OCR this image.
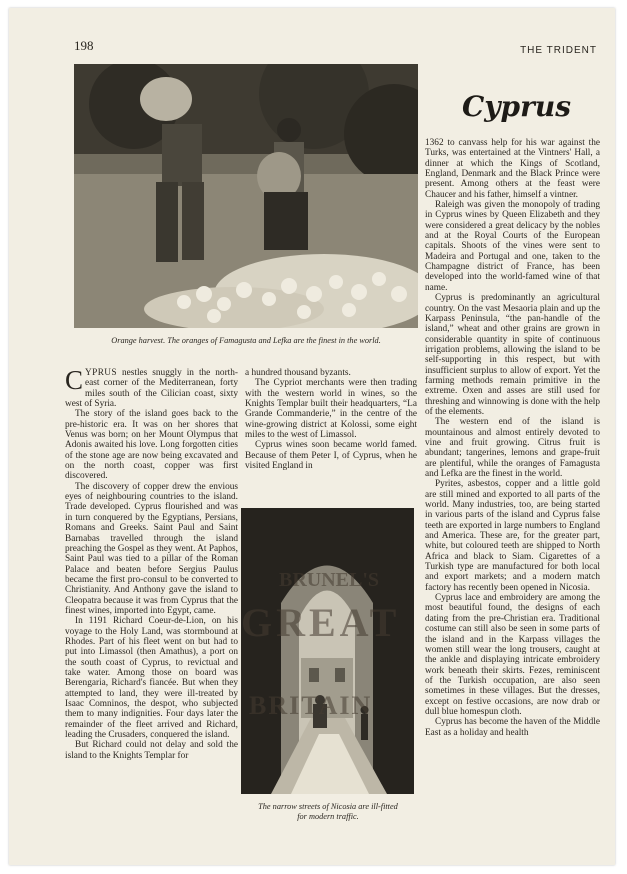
198	THE TRIDENT
Cyprus
Orange harvest. The oranges of Famagusta and Lefka are the finest in the world.

CYPRUS nestles snuggly in the north-east corner of the Mediterranean, forty miles south of the Cilician coast, sixty west of Syria.

The story of the island goes back to the pre-historic era. It was on her shores that Venus was born; on her Mount Olympus that Adonis awaited his love. Long forgotten cities of the stone age are now being excavated and on the north coast, copper was first discovered.

The discovery of copper drew the envious eyes of neighbouring countries to the island. Trade developed. Cyprus flourished and was in turn conquered by the Egyptians, Persians, Romans and Greeks. Saint Paul and Saint Barnabas travelled through the island preaching the Gospel as they went. At Paphos, Saint Paul was tied to a pillar of the Roman Palace and beaten before Sergius Paulus became the first pro-consul to be converted to Christianity. And Anthony gave the island to Cleopatra because it was from Cyprus that the finest wines, imported into Egypt, came.

In 1191 Richard Coeur-de-Lion, on his voyage to the Holy Land, was stormbound at Rhodes. Part of his fleet went on but had to put into Limassol (then Amathus), a port on the south coast of Cyprus, to revictual and take water. Among those on board was Berengaria, Richard's fiancée. But when they attempted to land, they were ill-treated by Isaac Comninos, the despot, who subjected them to many indignities. Four days later the remainder of the fleet arrived and Richard, leading the Crusaders, conquered the island.

But Richard could not delay and sold the island to the Knights Templar for

a hundred thousand byzants.

The Cypriot merchants were then trading with the western world in wines, so the Knights Templar built their headquarters, “La Grande Commanderie,” in the centre of the wine-growing district at Kolossi, some eight miles to the west of Limassol.

Cyprus wines soon became world famed. Because of them Peter I, of Cyprus, when he visited England in

The narrow streets of Nicosia are ill-fitted for modern traffic.

1362 to canvass help for his war against the Turks, was entertained at the Vintners' Hall, a dinner at which the Kings of Scotland, England, Denmark and the Black Prince were present. Among others at the feast were Chaucer and his father, himself a vintner.

Raleigh was given the monopoly of trading in Cyprus wines by Queen Elizabeth and they were considered a great delicacy by the nobles and at the Royal Courts of the European capitals. Shoots of the vines were sent to Madeira and Portugal and one, taken to the Champagne district of France, has been developed into the world-famed wine of that name.

Cyprus is predominantly an agricultural country. On the vast Mesaoria plain and up the Karpass Peninsula, “the pan-handle of the island,” wheat and other grains are grown in considerable quantity in spite of continuous irrigation problems, allowing the island to be self-supporting in this respect, but with insufficient surplus to allow of export. Yet the farming methods remain primitive in the extreme. Oxen and asses are still used for threshing and winnowing is done with the help of the elements.

The western end of the island is mountainous and almost entirely devoted to vine and fruit growing. Citrus fruit is abundant; tangerines, lemons and grape-fruit are plentiful, while the oranges of Famagusta and Lefka are the finest in the world.

Pyrites, asbestos, copper and a little gold are still mined and exported to all parts of the world. Many industries, too, are being started in various parts of the island and Cyprus false teeth are exported in large numbers to England and America. These are, for the greater part, white, but coloured teeth are shipped to North Africa and black to Siam. Cigarettes of a Turkish type are manufactured for both local and export markets; and a modern match factory has recently been opened in Nicosia.

Cyprus lace and embroidery are among the most beautiful found, the designs of each dating from the pre-Christian era. Traditional costume can still also be seen in some parts of the island and in the Karpass villages the women still wear the long trousers, caught at the ankle and displaying intricate embroidery work beneath their skirts. Fezes, reminiscent of the Turkish occupation, are also seen sometimes in these villages. But the dresses, except on festive occasions, are now drab or dull blue homespun cloth.

Cyprus has become the haven of the Middle East as a holiday and health

BRUNEL'S
GREAT
BRITAIN
